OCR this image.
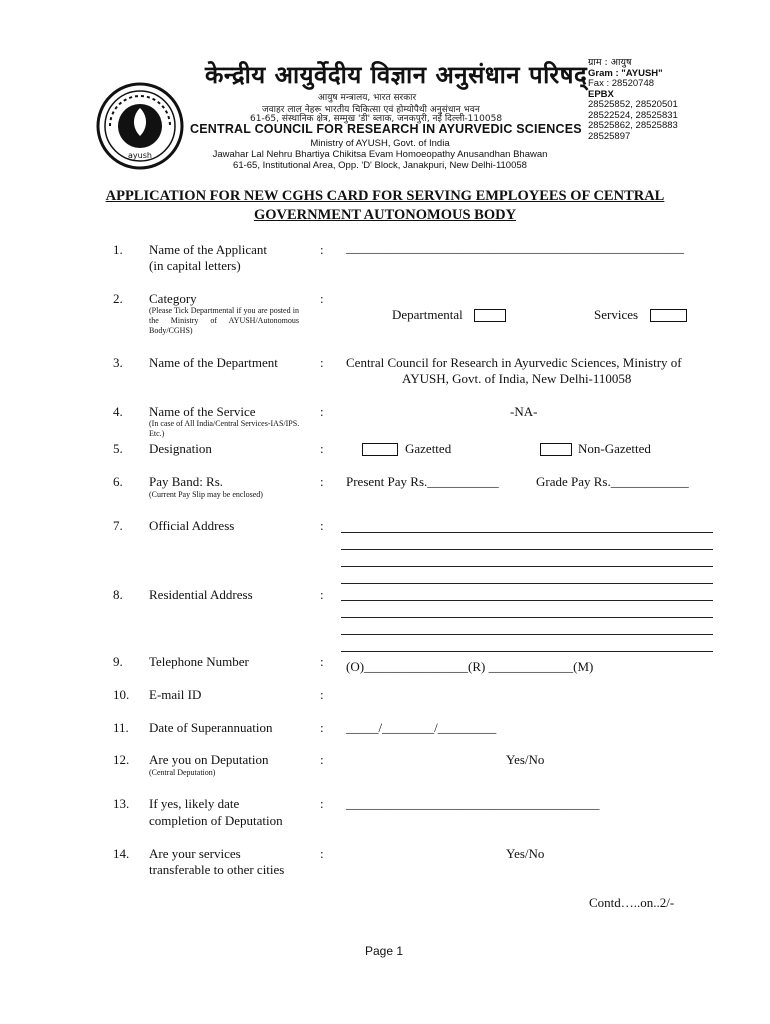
ayush
केन्द्रीय आयुर्वेदीय विज्ञान अनुसंधान परिषद्
आयुष मन्त्रालय, भारत सरकार
जवाहर लाल नेहरू भारतीय चिकित्सा एवं होम्योपैथी अनुसंधान भवन
61-65, संस्थानिक क्षेत्र, सम्मुख 'डी' ब्लाक, जनकपुरी, नई दिल्ली-110058
CENTRAL COUNCIL FOR RESEARCH IN AYURVEDIC SCIENCES
Ministry of AYUSH, Govt. of India
Jawahar Lal Nehru Bhartiya Chikitsa Evam Homoeopathy Anusandhan Bhawan
61-65, Institutional Area, Opp. 'D' Block, Janakpuri, New Delhi-110058
ग्राम : आयुष
Gram : "AYUSH"
Fax : 28520748
EPBX
28525852, 28520501
28522524, 28525831
28525862, 28525883
28525897
APPLICATION FOR NEW CGHS CARD FOR SERVING EMPLOYEES OF CENTRAL
GOVERNMENT AUTONOMOUS BODY
1. Name of the Applicant
(in capital letters)
: ____________________________________________________
2. Category
(Please Tick Departmental if you are posted in the Ministry of AYUSH/Autonomous Body/CGHS)
:
Departmental	Services
3. Name of the Department	: Central Council for Research in Ayurvedic Sciences, Ministry of
AYUSH, Govt. of India, New Delhi-110058
4. Name of the Service
(In case of All India/Central Services-IAS/IPS. Etc.)
:	-NA-
5. Designation	:	Gazetted	Non-Gazetted
6. Pay Band: Rs.
(Current Pay Slip may be enclosed)
: Present Pay Rs.___________	Grade Pay Rs.____________
7. Official Address	:
8. Residential Address	:
9. Telephone Number	: (O)________________(R) _____________(M)
10. E-mail ID	:
11. Date of Superannuation	: _____/________/_________
12. Are you on Deputation
(Central Deputation)
:	Yes/No
13. If yes, likely date
completion of Deputation
: _______________________________________
14. Are your services
transferable to other cities
:	Yes/No
Contd…..on..2/-
Page 1
